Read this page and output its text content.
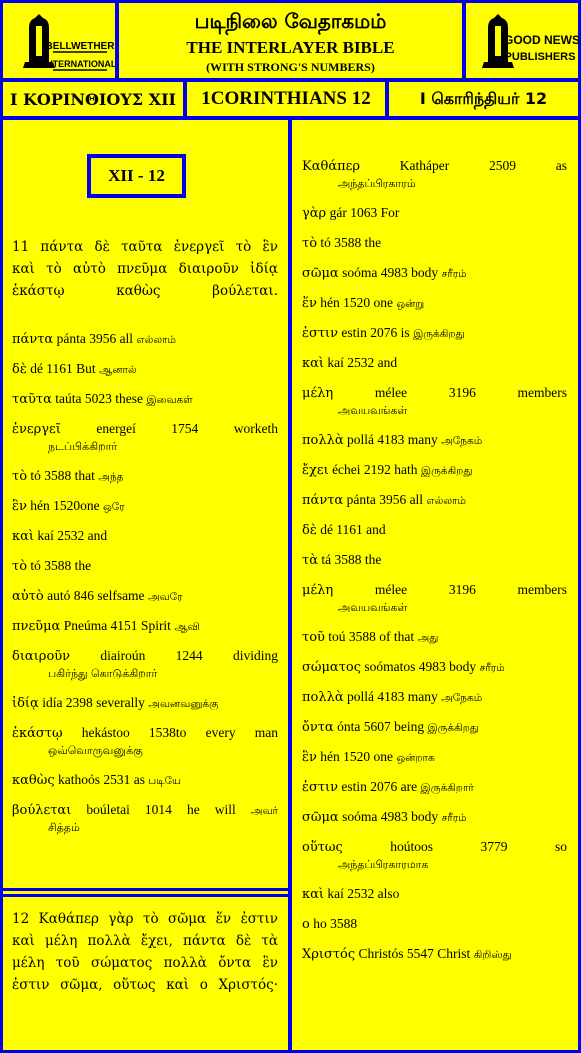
BELLWETHER
INTERNATIONAL
படிநிலை வேதாகமம்
THE INTERLAYER BIBLE
(WITH STRONG'S NUMBERS)
GOOD NEWS
PUBLISHERS
Ι ΚΟΡΙΝΘΙΟΥΣ XII	1CORINTHIANS 12	I கொரிந்தியர் 12
XII - 12
11 πάντα δὲ ταῦτα ἐνεργεῖ τὸ ἓν
καὶ τὸ αὐτὸ πνεῦμα διαιροῦν ἰδίᾳ
ἑκάστῳ καθὼς βούλεται.
πάντα pánta 3956 all எல்லாம்
δὲ dé 1161 But ஆனால்
ταῦτα taúta 5023 these இவைகள்
ἐνεργεῖ	energeí 1754 worketh
நடப்பிக்கிறார்
τὸ tó 3588 that அந்த
ἓν hén 1520one ஒரே
καὶ kaí 2532 and
τὸ tó 3588 the
αὐτὸ autó 846 selfsame அவரே
πνεῦμα Pneúma 4151 Spirit ஆவி
διαιροῦν diairoún 1244 dividing
பகிர்ந்து கொடுக்கிறார்
ἰδίᾳ idía 2398 severally அவனவனுக்கு
ἑκάστῳ hekástoo 1538to every man
ஒவ்வொருவனுக்கு
καθὼς kathoós 2531 as படியே
βούλεται boúletai 1014 he will அவர்
சித்தம்
12 Καθάπερ γὰρ τὸ σῶμα ἕν ἐστιν
καὶ μέλη πολλὰ ἔχει, πάντα δὲ τὰ
μέλη τοῦ σώματος πολλὰ ὄντα ἓν
ἐστιν σῶμα, οὕτως καὶ ο Χριστός·
Καθάπερ	Katháper 2509 as
அந்தப்பிரகாரம்
γὰρ gár 1063 For
τὸ tó 3588 the
σῶμα soóma 4983 body சரீரம்
ἕν hén 1520 one ஒன்று
ἐστιν estin 2076 is இருக்கிறது
καὶ kaí 2532 and
μέλη	mélee 3196 members
அவயவங்கள்
πολλὰ pollá 4183 many அநேகம்
ἔχει échei 2192 hath இருக்கிறது
πάντα pánta 3956 all எல்லாம்
δὲ dé 1161 and
τὰ tá 3588 the
μέλη	mélee 3196 members
அவயவங்கள்
τοῦ toú 3588 of that அது
σώματος soómatos 4983 body சரீரம்
πολλὰ pollá 4183 many அநேகம்
ὄντα ónta 5607 being இருக்கிறது
ἓν hén 1520 one ஒன்றாக
ἐστιν estin 2076 are இருக்கிறார்
σῶμα soóma 4983 body சரீரம்
οὕτως	hoútoos 3779 so
அந்தப்பிரகாரமாக
καὶ kaí 2532 also
ο ho 3588
Χριστός Christós 5547 Christ கிறிஸ்து
